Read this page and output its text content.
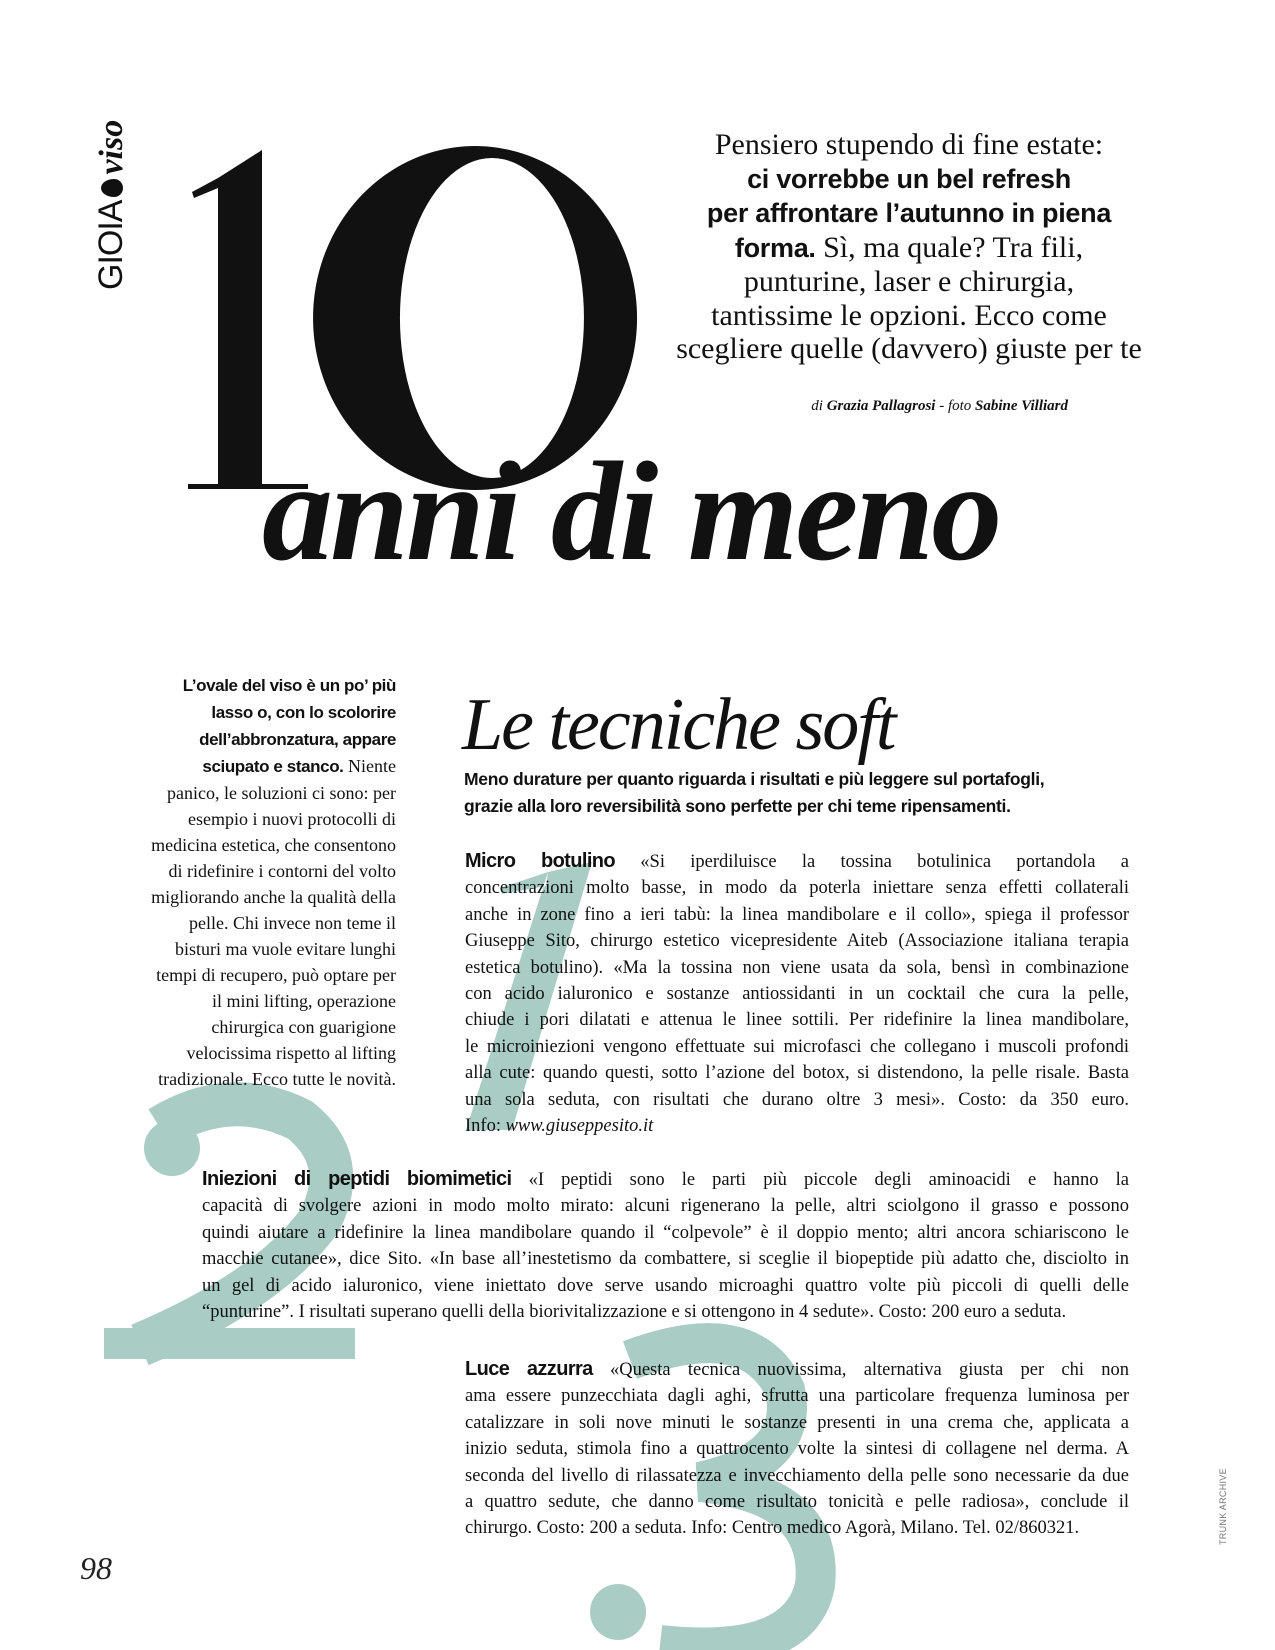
GIOIA
viso	Pensiero stupendo di fine estate:
ci vorrebbe un bel refresh
per affrontare l’autunno in piena
forma. Sì, ma quale? Tra fili,
punturine, laser e chirurgia,
tantissime le opzioni. Ecco come
scegliere quelle (davvero) giuste per te
di Grazia Pallagrosi - foto Sabine Villiard
anni di meno
L’ovale del viso è un po’ più
lasso o, con lo scolorire
dell’abbronzatura, appare
sciupato e stanco. Niente
panico, le soluzioni ci sono: per
esempio i nuovi protocolli di
medicina estetica, che consentono
di ridefinire i contorni del volto
migliorando anche la qualità della
pelle. Chi invece non teme il
bisturi ma vuole evitare lunghi
tempi di recupero, può optare per
il mini lifting, operazione
chirurgica con guarigione
velocissima rispetto al lifting
tradizionale. Ecco tutte le novità.
Le tecniche soft
Meno durature per quanto riguarda i risultati e più leggere sul portafogli,
grazie alla loro reversibilità sono perfette per chi teme ripensamenti.
Micro botulino «Si iperdiluisce la tossina botulinica portandola a
concentrazioni molto basse, in modo da poterla iniettare senza effetti collaterali
anche in zone fino a ieri tabù: la linea mandibolare e il collo», spiega il professor
Giuseppe Sito, chirurgo estetico vicepresidente Aiteb (Associazione italiana terapia
estetica botulino). «Ma la tossina non viene usata da sola, bensì in combinazione
con acido ialuronico e sostanze antiossidanti in un cocktail che cura la pelle,
chiude i pori dilatati e attenua le linee sottili. Per ridefinire la linea mandibolare,
le microiniezioni vengono effettuate sui microfasci che collegano i muscoli profondi
alla cute: quando questi, sotto l’azione del botox, si distendono, la pelle risale. Basta
una sola seduta, con risultati che durano oltre 3 mesi». Costo: da 350 euro.
Info: www.giuseppesito.it
Iniezioni di peptidi biomimetici «I peptidi sono le parti più piccole degli aminoacidi e hanno la
capacità di svolgere azioni in modo molto mirato: alcuni rigenerano la pelle, altri sciolgono il grasso e possono
quindi aiutare a ridefinire la linea mandibolare quando il “colpevole” è il doppio mento; altri ancora schiariscono le
macchie cutanee», dice Sito. «In base all’inestetismo da combattere, si sceglie il biopeptide più adatto che, disciolto in
un gel di acido ialuronico, viene iniettato dove serve usando microaghi quattro volte più piccoli di quelli delle
“punturine”. I risultati superano quelli della biorivitalizzazione e si ottengono in 4 sedute». Costo: 200 euro a seduta.
Luce azzurra «Questa tecnica nuovissima, alternativa giusta per chi non
ama essere punzecchiata dagli aghi, sfrutta una particolare frequenza luminosa per
catalizzare in soli nove minuti le sostanze presenti in una crema che, applicata a
inizio seduta, stimola fino a quattrocento volte la sintesi di collagene nel derma. A
seconda del livello di rilassatezza e invecchiamento della pelle sono necessarie da due
a quattro sedute, che danno come risultato tonicità e pelle radiosa», conclude il
chirurgo. Costo: 200 a seduta. Info: Centro medico Agorà, Milano. Tel. 02/860321.
98
TRUNK ARCHIVE
